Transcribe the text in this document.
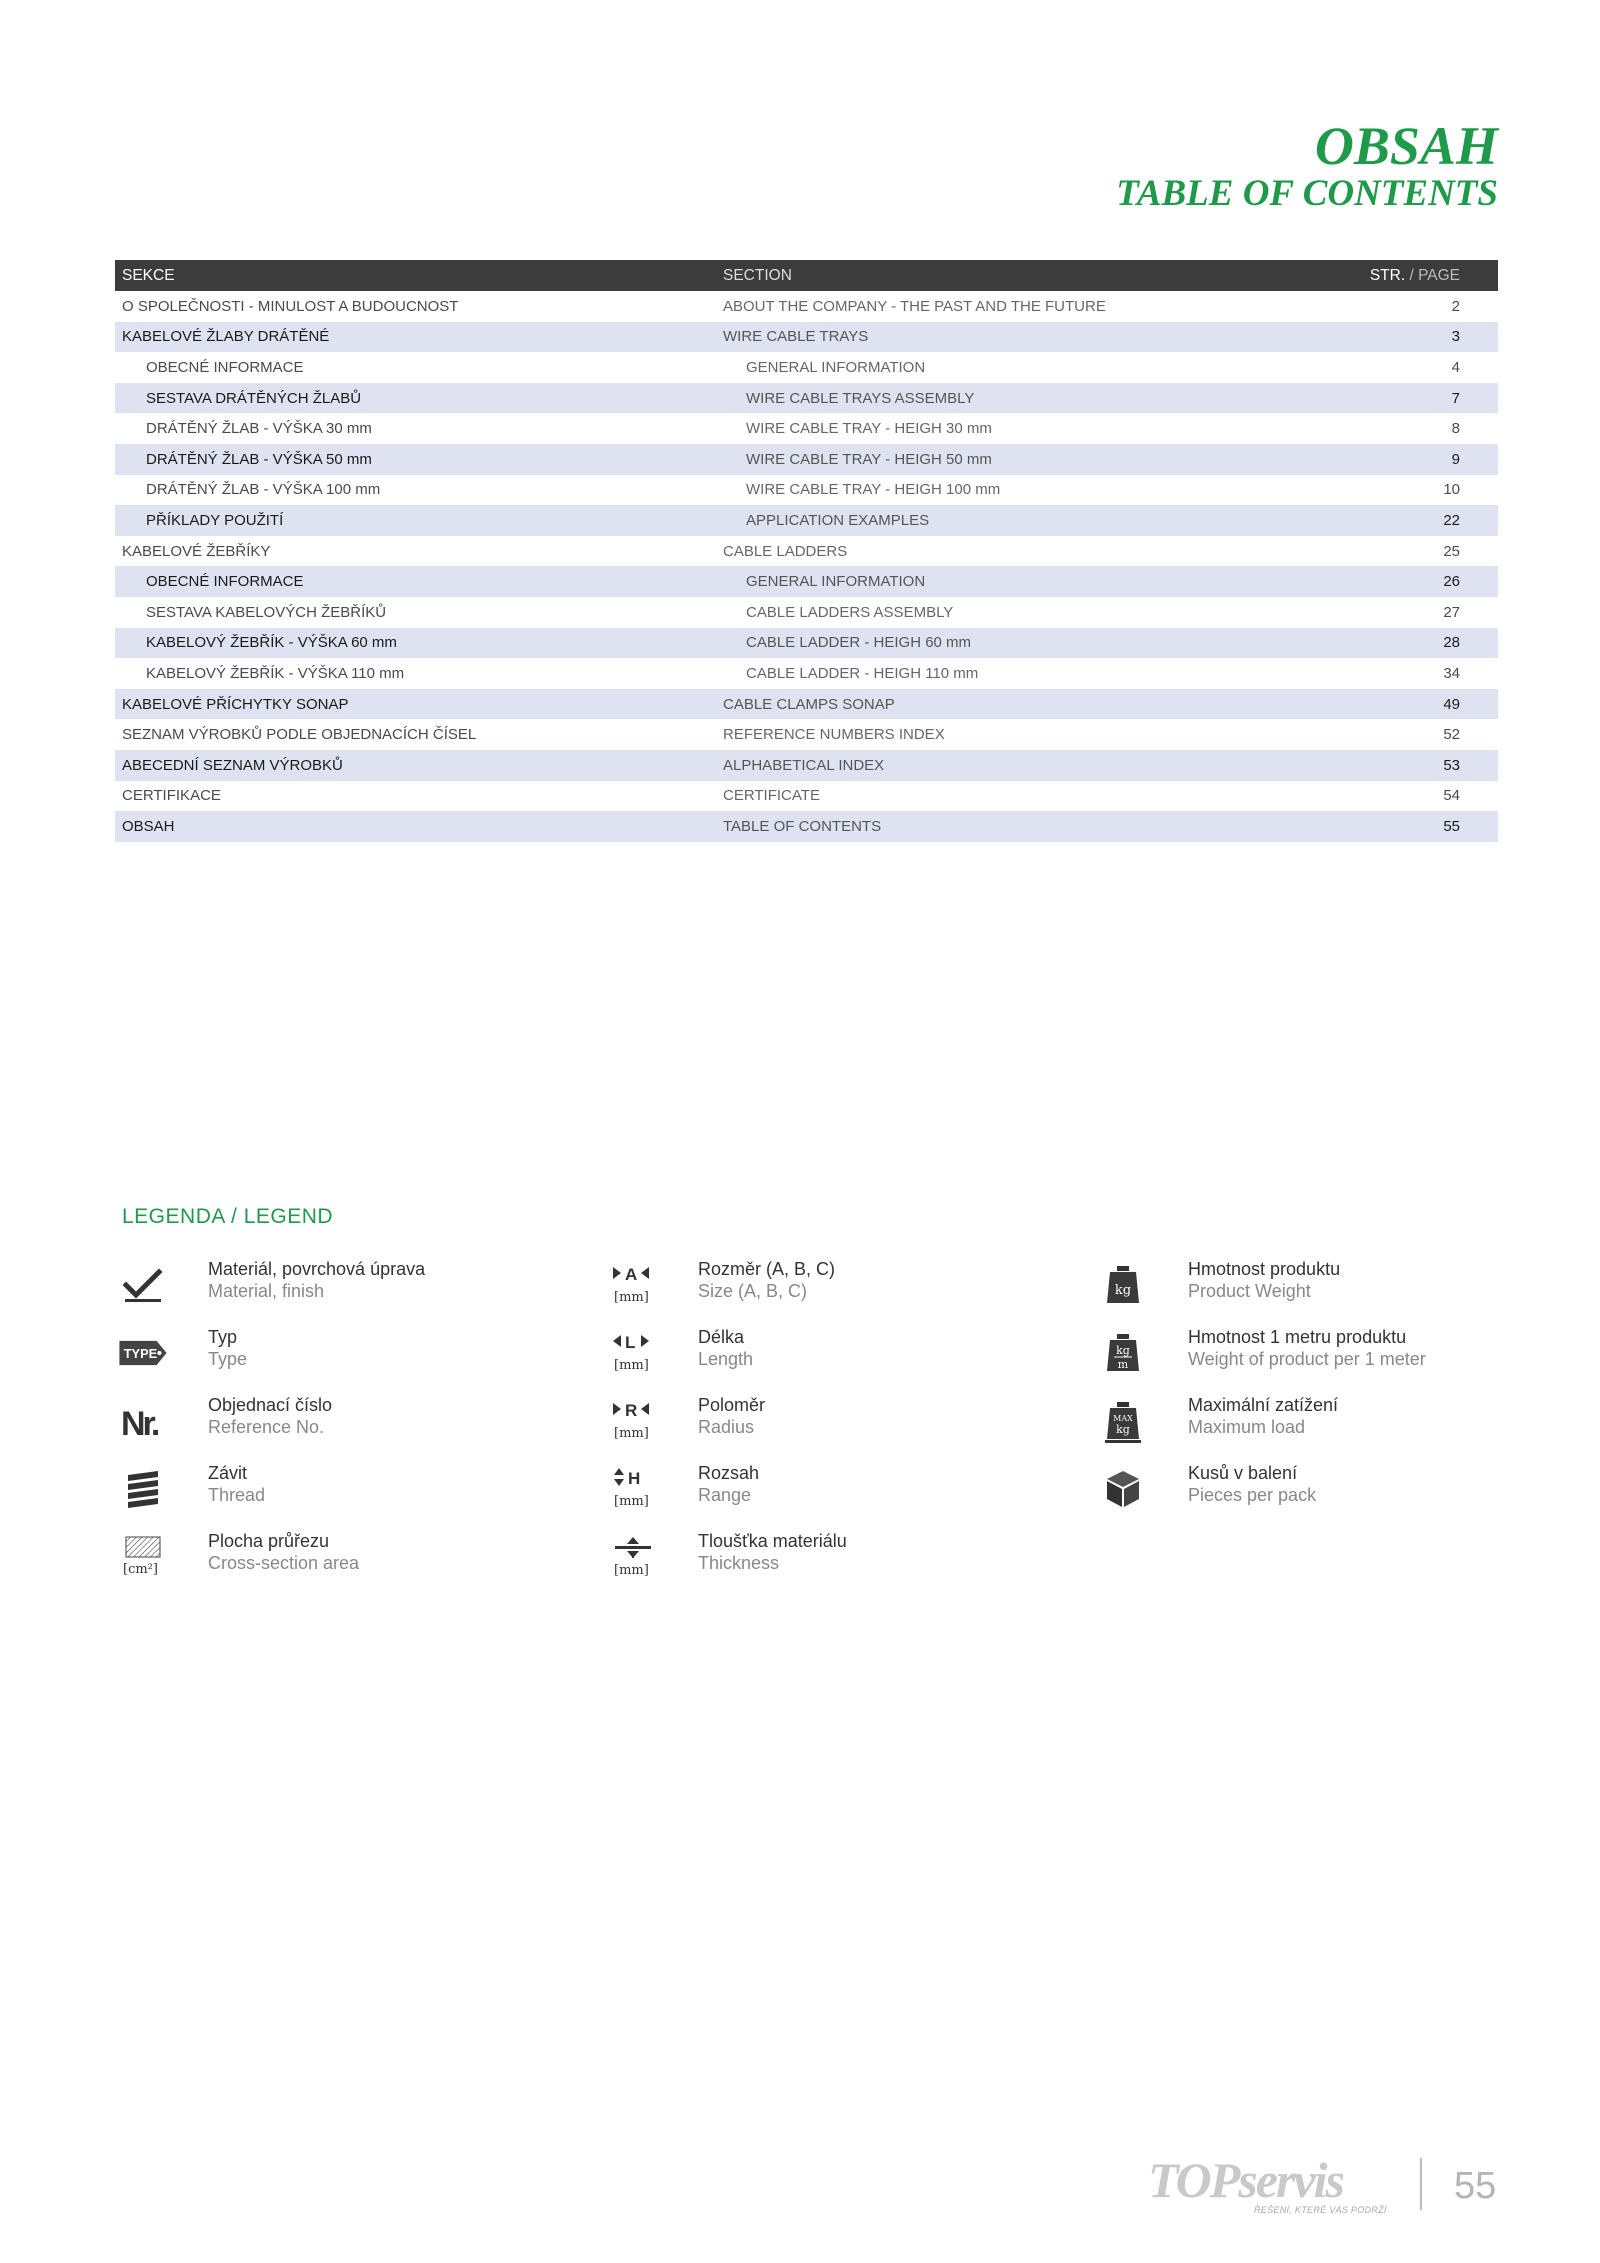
OBSAH
TABLE OF CONTENTS
SEKCE	SECTION	STR. / PAGE
O SPOLEČNOSTI - MINULOST A BUDOUCNOST	ABOUT THE COMPANY - THE PAST AND THE FUTURE	2
KABELOVÉ ŽLABY DRÁTĚNÉ	WIRE CABLE TRAYS	3
OBECNÉ INFORMACE	GENERAL INFORMATION	4
SESTAVA DRÁTĚNÝCH ŽLABŮ	WIRE CABLE TRAYS ASSEMBLY	7
DRÁTĚNÝ ŽLAB - VÝŠKA 30 mm	WIRE CABLE TRAY - HEIGH 30 mm	8
DRÁTĚNÝ ŽLAB - VÝŠKA 50 mm	WIRE CABLE TRAY - HEIGH 50 mm	9
DRÁTĚNÝ ŽLAB - VÝŠKA 100 mm	WIRE CABLE TRAY - HEIGH 100 mm	10
PŘÍKLADY POUŽITÍ	APPLICATION EXAMPLES	22
KABELOVÉ ŽEBŘÍKY	CABLE LADDERS	25
OBECNÉ INFORMACE	GENERAL INFORMATION	26
SESTAVA KABELOVÝCH ŽEBŘÍKŮ	CABLE LADDERS ASSEMBLY	27
KABELOVÝ ŽEBŘÍK - VÝŠKA 60 mm	CABLE LADDER - HEIGH 60 mm	28
KABELOVÝ ŽEBŘÍK - VÝŠKA 110 mm	CABLE LADDER - HEIGH 110 mm	34
KABELOVÉ PŘÍCHYTKY SONAP	CABLE CLAMPS SONAP	49
SEZNAM VÝROBKŮ PODLE OBJEDNACÍCH ČÍSEL	REFERENCE NUMBERS INDEX	52
ABECEDNÍ SEZNAM VÝROBKŮ	ALPHABETICAL INDEX	53
CERTIFIKACE	CERTIFICATE	54
OBSAH	TABLE OF CONTENTS	55
LEGENDA / LEGEND
Materiál, povrchová úprava
Material, finish
TYPE
Typ
Type
Nr.	Objednací číslo
Reference No.
Závit
Thread
[cm²]
Plocha průřezu
Cross-section area
A
[mm]
Rozměr (A, B, C)
Size (A, B, C)
L
[mm]
Délka
Length
R
[mm]
Poloměr
Radius
H
[mm]
Rozsah
Range
[mm]
Tloušťka materiálu
Thickness
kg
Hmotnost produktu
Product Weight
kg
m
Hmotnost 1 metru produktu
Weight of product per 1 meter
MAX
kg
Maximální zatížení
Maximum load
Kusů v balení
Pieces per pack
TOPservis
ŘEŠENÍ, KTERÉ VÁS PODRŽÍ
55
